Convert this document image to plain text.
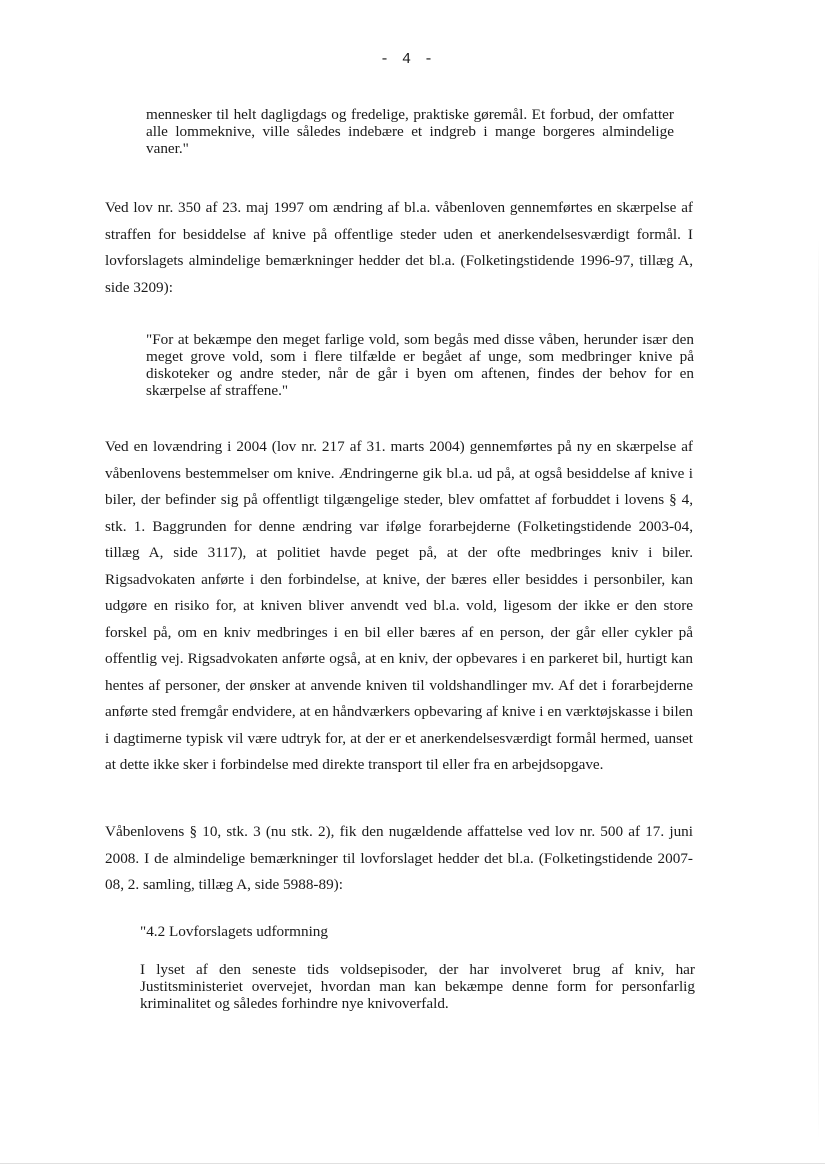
- 4 -

mennesker til helt dagligdags og fredelige, praktiske gøremål. Et forbud, der omfatter alle lommeknive, ville således indebære et indgreb i mange borgeres almindelige vaner."

Ved lov nr. 350 af 23. maj 1997 om ændring af bl.a. våbenloven gennemførtes en skærpelse af straffen for besiddelse af knive på offentlige steder uden et anerkendelsesværdigt formål. I lovforslagets almindelige bemærkninger hedder det bl.a. (Folketingstidende 1996-97, tillæg A, side 3209):

"For at bekæmpe den meget farlige vold, som begås med disse våben, herunder især den meget grove vold, som i flere tilfælde er begået af unge, som medbringer knive på diskoteker og andre steder, når de går i byen om aftenen, findes der behov for en skærpelse af straffene."

Ved en lovændring i 2004 (lov nr. 217 af 31. marts 2004) gennemførtes på ny en skærpelse af våbenlovens bestemmelser om knive. Ændringerne gik bl.a. ud på, at også besiddelse af knive i biler, der befinder sig på offentligt tilgængelige steder, blev omfattet af forbuddet i lovens § 4, stk. 1. Baggrunden for denne ændring var ifølge forarbejderne (Folketingstidende 2003-04, tillæg A, side 3117), at politiet havde peget på, at der ofte medbringes kniv i biler. Rigsadvokaten anførte i den forbindelse, at knive, der bæres eller besiddes i personbiler, kan udgøre en risiko for, at kniven bliver anvendt ved bl.a. vold, ligesom der ikke er den store forskel på, om en kniv medbringes i en bil eller bæres af en person, der går eller cykler på offentlig vej. Rigsadvokaten anførte også, at en kniv, der opbevares i en parkeret bil, hurtigt kan hentes af personer, der ønsker at anvende kniven til voldshandlinger mv. Af det i forarbejderne anførte sted fremgår endvidere, at en håndværkers opbevaring af knive i en værktøjskasse i bilen i dagtimerne typisk vil være udtryk for, at der er et anerkendelsesværdigt formål hermed, uanset at dette ikke sker i forbindelse med direkte transport til eller fra en arbejdsopgave.

Våbenlovens § 10, stk. 3 (nu stk. 2), fik den nugældende affattelse ved lov nr. 500 af 17. juni 2008. I de almindelige bemærkninger til lovforslaget hedder det bl.a. (Folketingstidende 2007-08, 2. samling, tillæg A, side 5988-89):

"4.2 Lovforslagets udformning

I lyset af den seneste tids voldsepisoder, der har involveret brug af kniv, har Justitsministeriet overvejet, hvordan man kan bekæmpe denne form for personfarlig kriminalitet og således forhindre nye knivoverfald.
